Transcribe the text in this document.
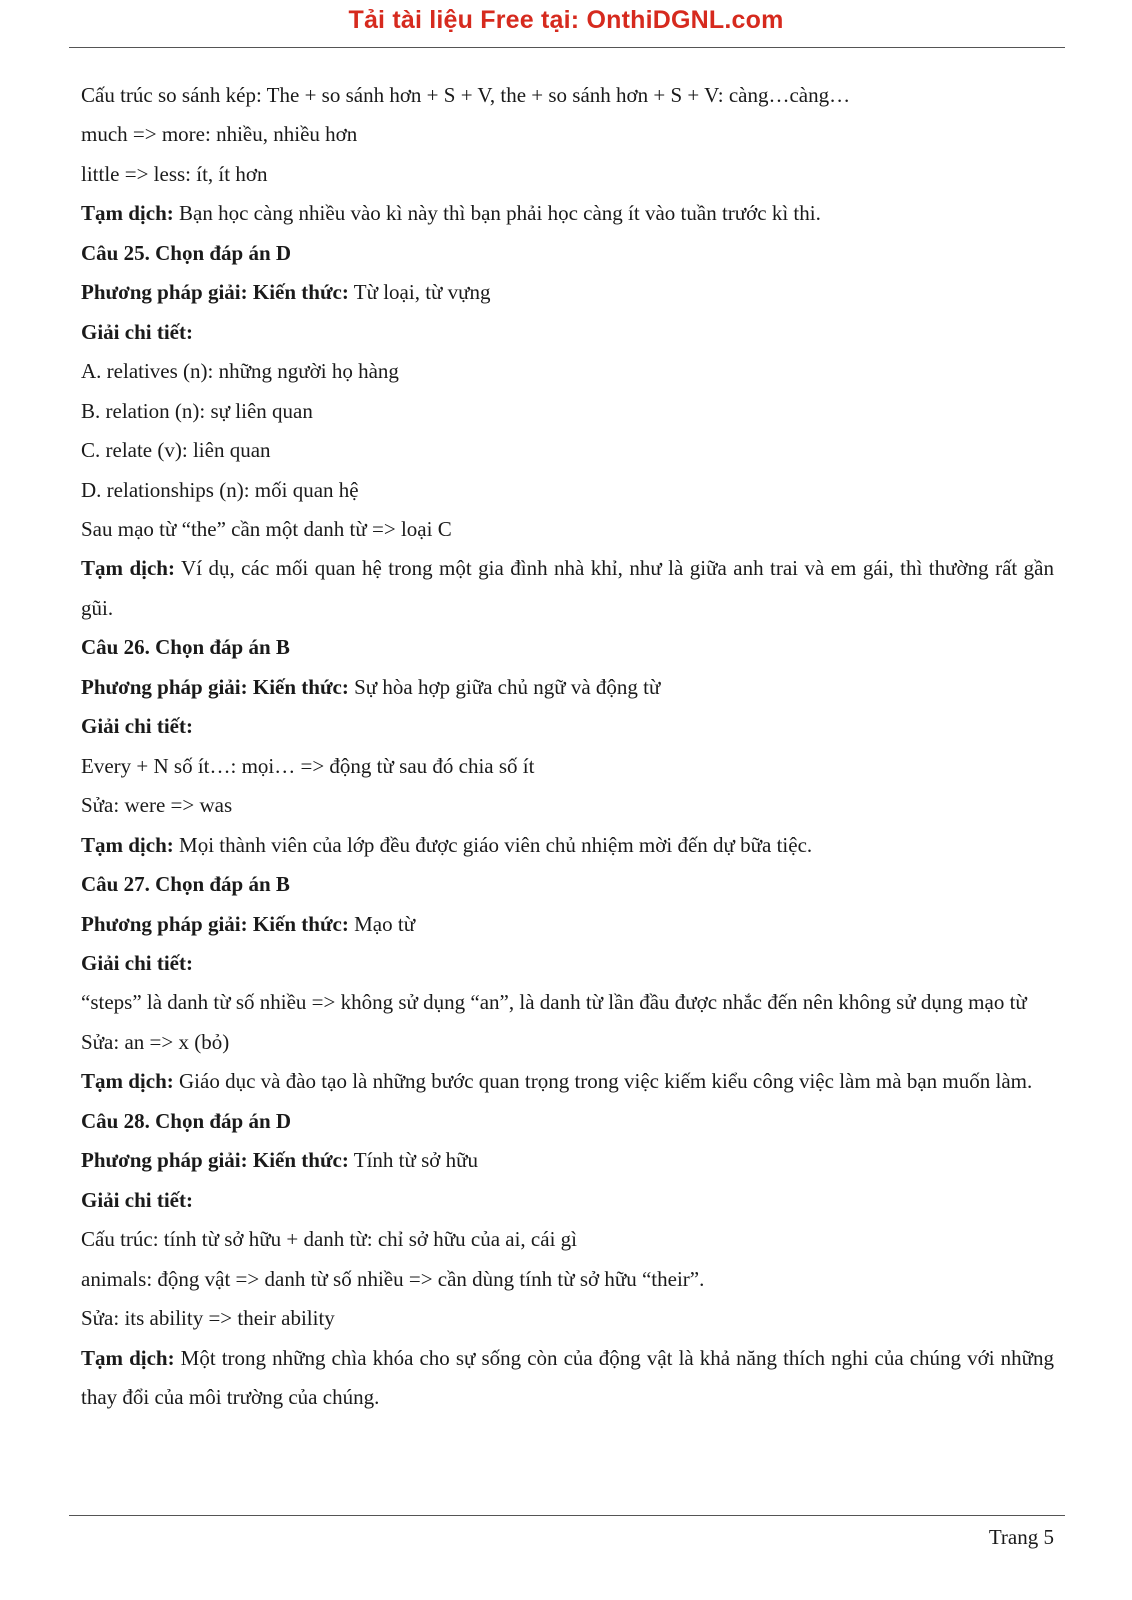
Tải tài liệu Free tại: OnthiDGNL.com
Cấu trúc so sánh kép: The + so sánh hơn + S + V, the + so sánh hơn + S + V: càng…càng…
much => more: nhiều, nhiều hơn
little => less: ít, ít hơn
Tạm dịch: Bạn học càng nhiều vào kì này thì bạn phải học càng ít vào tuần trước kì thi.
Câu 25. Chọn đáp án D
Phương pháp giải: Kiến thức: Từ loại, từ vựng
Giải chi tiết:
A. relatives (n): những người họ hàng
B. relation (n): sự liên quan
C. relate (v): liên quan
D. relationships (n): mối quan hệ
Sau mạo từ “the” cần một danh từ => loại C
Tạm dịch: Ví dụ, các mối quan hệ trong một gia đình nhà khỉ, như là giữa anh trai và em gái, thì thường rất gần gũi.
Câu 26. Chọn đáp án B
Phương pháp giải: Kiến thức: Sự hòa hợp giữa chủ ngữ và động từ
Giải chi tiết:
Every + N số ít…: mọi… => động từ sau đó chia số ít
Sửa: were => was
Tạm dịch: Mọi thành viên của lớp đều được giáo viên chủ nhiệm mời đến dự bữa tiệc.
Câu 27. Chọn đáp án B
Phương pháp giải: Kiến thức: Mạo từ
Giải chi tiết:
“steps” là danh từ số nhiều => không sử dụng “an”, là danh từ lần đầu được nhắc đến nên không sử dụng mạo từ
Sửa: an => x (bỏ)
Tạm dịch: Giáo dục và đào tạo là những bước quan trọng trong việc kiếm kiểu công việc làm mà bạn muốn làm.
Câu 28. Chọn đáp án D
Phương pháp giải: Kiến thức: Tính từ sở hữu
Giải chi tiết:
Cấu trúc: tính từ sở hữu + danh từ: chỉ sở hữu của ai, cái gì
animals: động vật => danh từ số nhiều => cần dùng tính từ sở hữu “their”.
Sửa: its ability => their ability
Tạm dịch: Một trong những chìa khóa cho sự sống còn của động vật là khả năng thích nghi của chúng với những thay đổi của môi trường của chúng.
Trang 5
